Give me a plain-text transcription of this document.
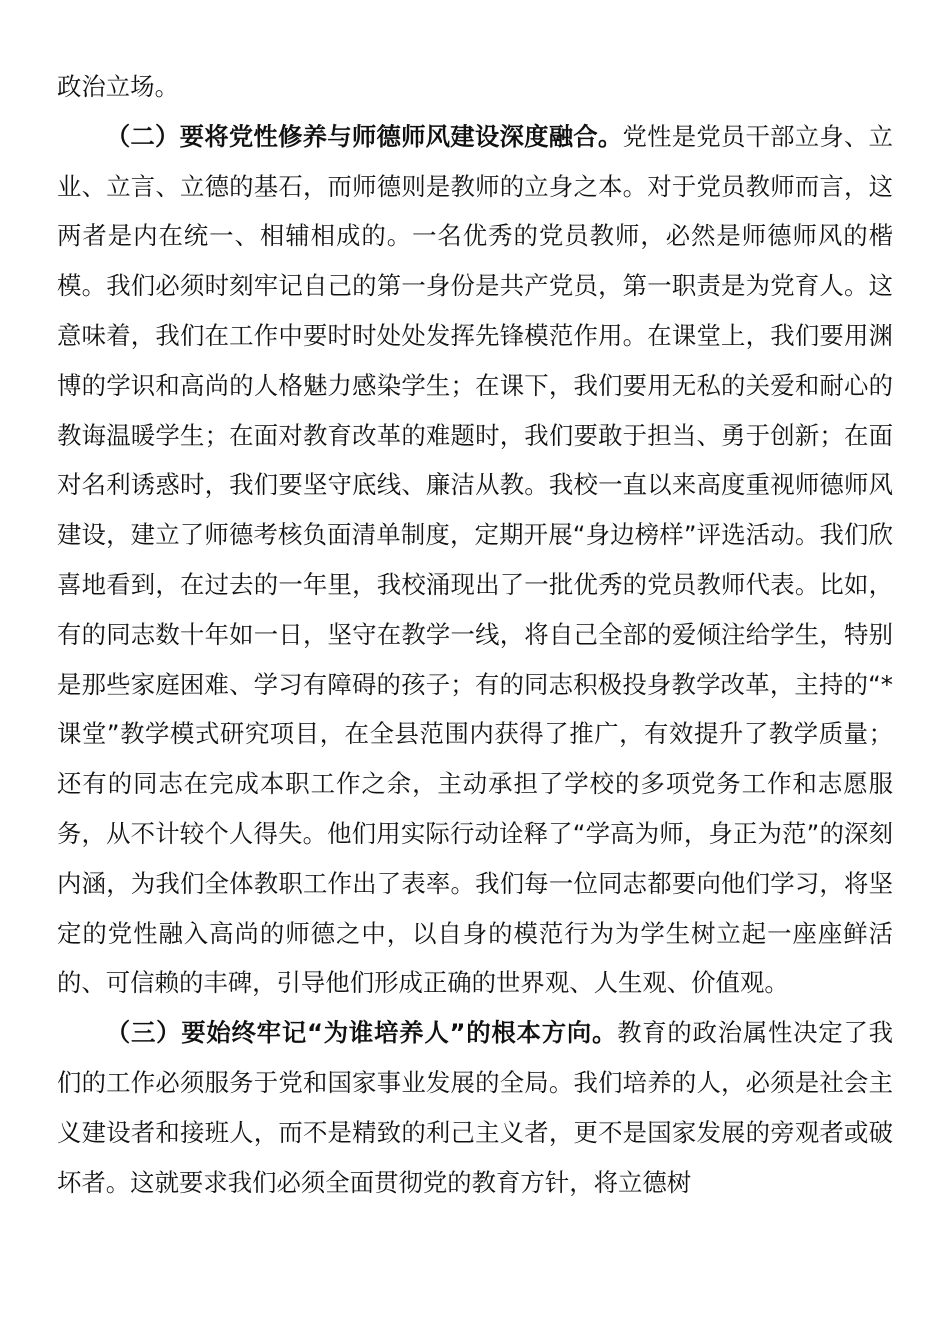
政治立场。

（二）要将党性修养与师德师风建设深度融合。党性是党员干部立身、立业、立言、立德的基石，而师德则是教师的立身之本。对于党员教师而言，这两者是内在统一、相辅相成的。一名优秀的党员教师，必然是师德师风的楷模。我们必须时刻牢记自己的第一身份是共产党员，第一职责是为党育人。这意味着，我们在工作中要时时处处发挥先锋模范作用。在课堂上，我们要用渊博的学识和高尚的人格魅力感染学生；在课下，我们要用无私的关爱和耐心的教诲温暖学生；在面对教育改革的难题时，我们要敢于担当、勇于创新；在面对名利诱惑时，我们要坚守底线、廉洁从教。我校一直以来高度重视师德师风建设，建立了师德考核负面清单制度，定期开展“身边榜样”评选活动。我们欣喜地看到，在过去的一年里，我校涌现出了一批优秀的党员教师代表。比如，有的同志数十年如一日，坚守在教学一线，将自己全部的爱倾注给学生，特别是那些家庭困难、学习有障碍的孩子；有的同志积极投身教学改革，主持的“*课堂”教学模式研究项目，在全县范围内获得了推广，有效提升了教学质量；还有的同志在完成本职工作之余，主动承担了学校的多项党务工作和志愿服务，从不计较个人得失。他们用实际行动诠释了“学高为师，身正为范”的深刻内涵，为我们全体教职工作出了表率。我们每一位同志都要向他们学习，将坚定的党性融入高尚的师德之中，以自身的模范行为为学生树立起一座座鲜活的、可信赖的丰碑，引导他们形成正确的世界观、人生观、价值观。

（三）要始终牢记“为谁培养人”的根本方向。教育的政治属性决定了我们的工作必须服务于党和国家事业发展的全局。我们培养的人，必须是社会主义建设者和接班人，而不是精致的利己主义者，更不是国家发展的旁观者或破坏者。这就要求我们必须全面贯彻党的教育方针，将立德树
